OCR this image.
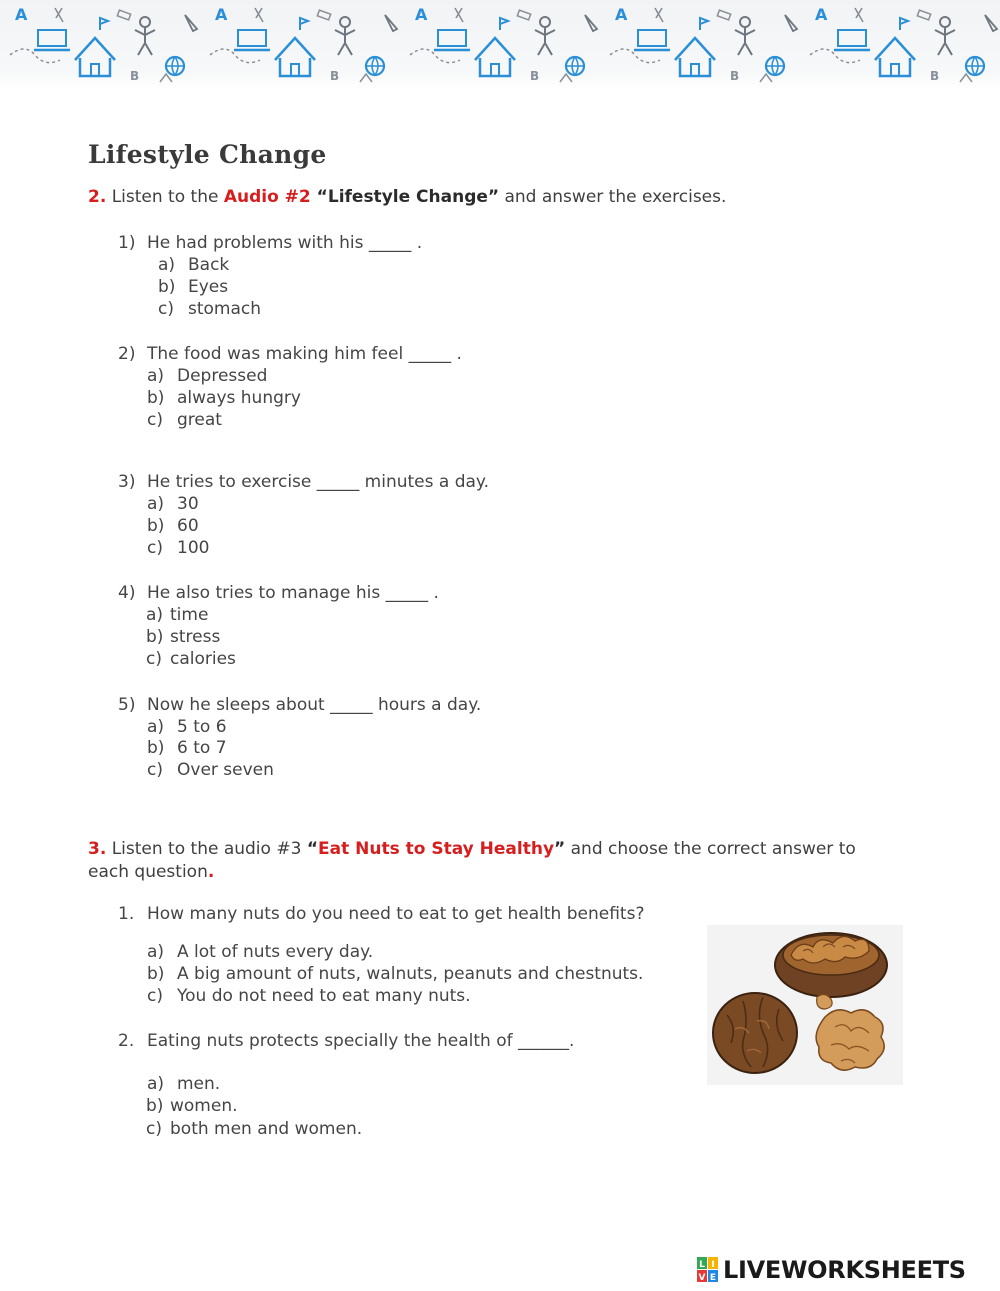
Lifestyle Change
2. Listen to the Audio #2 “Lifestyle Change” and answer the exercises.
1) He had problems with his _____ .
a) Back
b) Eyes
c) stomach
2) The food was making him feel _____ .
a) Depressed
b) always hungry
c) great
3) He tries to exercise _____ minutes a day.
a) 30
b) 60
c) 100
4) He also tries to manage his _____ .
a) time
b) stress
c) calories
5) Now he sleeps about _____ hours a day.
a) 5 to 6
b) 6 to 7
c) Over seven
3. Listen to the audio #3 “Eat Nuts to Stay Healthy” and choose the correct answer to each question.
1. How many nuts do you need to eat to get health benefits?
a) A lot of nuts every day.
b) A big amount of nuts, walnuts, peanuts and chestnuts.
c) You do not need to eat many nuts.
2. Eating nuts protects specially the health of ______.
a) men.
b) women.
c) both men and women.
L I
V E LIVEWORKSHEETS
